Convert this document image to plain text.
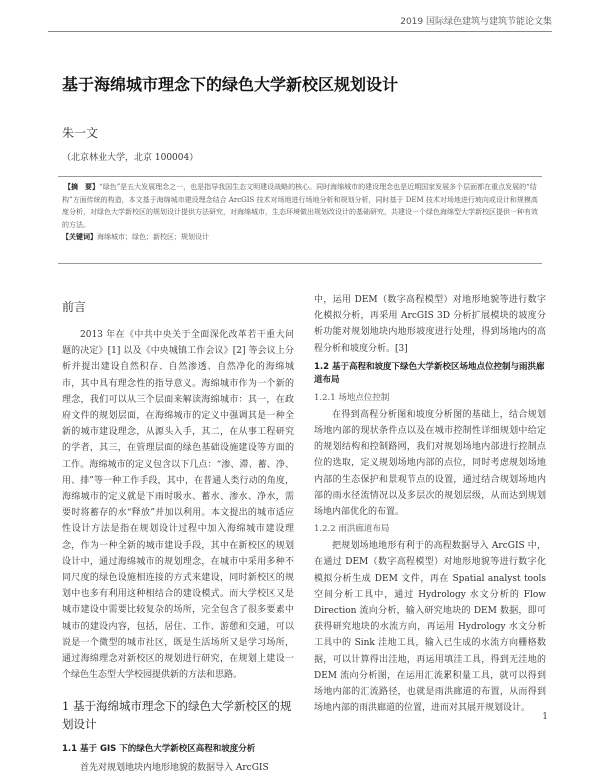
2019 国际绿色建筑与建筑节能论文集
基于海绵城市理念下的绿色大学新校区规划设计
朱一文
（北京林业大学，北京 100004）

【摘　要】“绿色”是五大发展理念之一，也是指导我国生态文明建设战略的核心。同时海绵城市的建设理念也是近期国家发展多个层面都在重点发展的“结构”方面传统的构造，本文基于海绵城市建设理念结合 ArcGIS 技术对场地进行场地分析和规划分析，同时基于 DEM 技术对场地进行坡向或设计和规模高度分析，对绿色大学新校区的规划设计提供方法研究，对海绵城市，生态环境做出规划改设计的基础研究，共建设一个绿色海绵型大学新校区提供一种有效的方法。

【关键词】海绵城市；绿色；新校区；规划设计

前言

2013 年在《中共中央关于全面深化改革若干重大问题的决定》[1] 以及《中央城镇工作会议》[2] 等会议上分析并提出建设自然积存、自然渗透、自然净化的海绵城市，其中具有理念性的指导意义。海绵城市作为一个新的理念，我们可以从三个层面来解读海绵城市：其一，在政府文件的规划层面，在海绵城市的定义中强调其是一种全新的城市建设理念，从源头入手，其二，在从事工程研究的学者，其三，在管理层面的绿色基础设施建设等方面的工作。海绵城市的定义包含以下几点：“渗、滞、蓄、净、用、排”等一种工作手段，其中，在普通人类行动的角度，海绵城市的定义就是下雨时吸水、蓄水、渗水、净水，需要时将蓄存的水“释放”并加以利用。本文提出的城市适应性设计方法是指在规划设计过程中加入海绵城市建设理念，作为一种全新的城市建设手段，其中在新校区的规划设计中，通过海绵城市的规划理念，在城市中采用多种不同尺度的绿色设施相连接的方式来建设，同时新校区的规划中也多有利用这种相结合的建设模式。而大学校区又是城市建设中需要比较复杂的场所，完全包含了很多要素中城市的建设内容，包括，居住、工作、游憩和交通，可以说是一个微型的城市社区，既是生活场所又是学习场所，通过海绵理念对新校区的规划进行研究，在规划上建设一个绿色生态型大学校园提供新的方法和思路。

1 基于海绵城市理念下的绿色大学新校区的规划设计
1.1 基于 GIS 下的绿色大学新校区高程和坡度分析

首先对规划地块内地形地貌的数据导入 ArcGIS

中，运用 DEM（数字高程模型）对地形地貌等进行数字化模拟分析，再采用 ArcGIS 3D 分析扩展模块的坡度分析功能对规划地块内地形坡度进行处理，得到场地内的高程分析和坡度分析。[3]

1.2 基于高程和坡度下绿色大学新校区场地点位控制与雨洪廊道布局
1.2.1 场地点位控制

在得到高程分析图和坡度分析图的基础上，结合规划场地内部的现状条件点以及在城市控制性详细规划中给定的规划结构和控制路网，我们对规划场地内部进行控制点位的选取，定义规划场地内部的点位，同时考虑规划场地内部的生态保护和景观节点的设置，通过结合规划场地内部的雨水径流情况以及多层次的规划层级，从而达到规划场地内部优化的布置。

1.2.2 雨洪廊道布局

把规划场地地形有利于的高程数据导入 ArcGIS 中，在通过 DEM（数字高程模型）对地形地貌等进行数字化模拟分析生成 DEM 文件，再在 Spatial analyst tools 空间分析工具中，通过 Hydrology 水文分析的 Flow Direction 流向分析，输入研究地块的 DEM 数据，即可获得研究地块的水流方向，再运用 Hydrology 水文分析工具中的 Sink 洼地工具，输入已生成的水流方向栅格数据，可以计算得出洼地，再运用填洼工具，得到无洼地的 DEM 流向分析图，在运用汇流累积量工具，就可以得到场地内部的汇流路径，也就是雨洪廊道的布置，从而得到场地内部的雨洪廊道的位置，进而对其展开规划设计。

1
